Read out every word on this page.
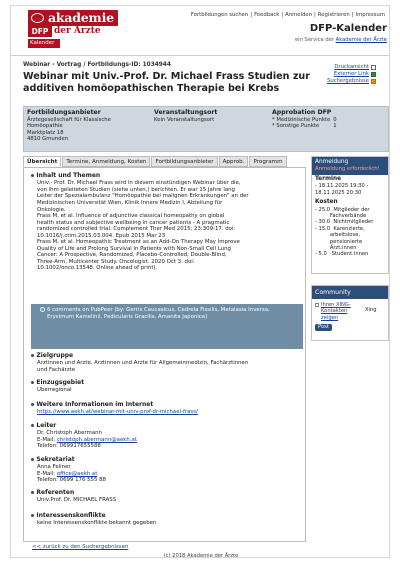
akademie
DFP der Ärzte
Kalender
Fortbildungen suchen | Feedback | Anmelden | Registrieren | Impressum
DFP-Kalender
ein Service der Akademie der Ärzte
Webinar - Vortrag / Fortbildungs-ID: 1034944
Webinar mit Univ.-Prof. Dr. Michael Frass Studien zur additiven homöopathischen Therapie bei Krebs
Druckansicht
Externer Link
Suchergebnisse
Fortbildungsanbieter
Ärztegesellschaft für Klassische
Homöopathie
Marktplatz 18
4810 Gmunden
Veranstaltungsort
Kein Veranstaltungsort
Approbation DFP
* Medizinische Punkte	0
* Sonstige Punkte	1
Übersicht	Termine, Anmeldung, Kosten	Fortbildungsanbieter	Approb.	Programm
Inhalt und Themen
Univ.- Prof. Dr. Michael Frass wird in diesem einstündigen Webinar über die,
von ihm geleiteten Studien (siehe unten,) berichten. Er war 15 Jahre lang
Leiter der Spezialambulanz "Homöopathie bei malignen Erkrankungen" an der
Medizinischen Universität Wien, Klinik Innere Medizin I, Abteilung für
Onkologie.
Frass M, et al. Influence of adjunctive classical homeopathy on global
health status and subjective wellbeing in cancer patients - A pragmatic
randomized controlled trial. Complement Ther Med 2015; 23:309-17. doi:
10.1016/j.ctim.2015.03.004. Epub 2015 Mar 23
Frass M, et al. Homeopathic Treatment as an Add-On Therapy May Improve
Quality of Life and Prolong Survival in Patients with Non-Small Cell Lung
Cancer: A Prospective, Randomized, Placebo-Controlled, Double-Blind,
Three-Arm, Multicenter Study. Oncologist. 2020 Oct 3. doi:
10.1002/onco.13548. Online ahead of print).
6 comments on PubPeer (by: Gerris Caucasicus, Cedrela Fissilis, Metalasia Inversa,
Erysimum Kamelinii, Pedicularis Gracilis, Amanita Japonica)
Zielgruppe
Ärztinnen und Ärzte, Ärztinnen und Ärzte für Allgemeinmedizin, Fachärztinnen
und Fachärzte
Einzugsgebiet
Überregional
Weitere Informationen im Internet
https://www.aekh.at/webinar-mit-univ-prof-dr-michael-frass/
Leiter
Dr. Christoph Abermann
E-Mail: christoph.abermann@aekh.at
Telefon: 069917655588
Sekretariat
Anna Feliner
E-Mail: office@aekh.at
Telefon: 0699 176 555 88
Referenten
Univ.Prof. Dr. MICHAEL FRASS
Interessenskonflikte
keine Interessenskonflikte bekannt gegeben
Anmeldung
Anmeldung erforderlich!
Termine
- 18.11.2025 19:30 -
18.11.2025 20:30
Kosten
- 25.0  Mitglieder der
Fachverbände
- 30.0  Nichtmitglieder
- 15.0  Karenzierte,
arbeitslose,
pensionierte
Ärzt:innen
- 5.0   Student:innen
Community
Ihren XING-Kontakten zeigen
Xing
Post
<< zurück zu den Suchergebnissen
(c) 2018 Akademie der Ärzte
